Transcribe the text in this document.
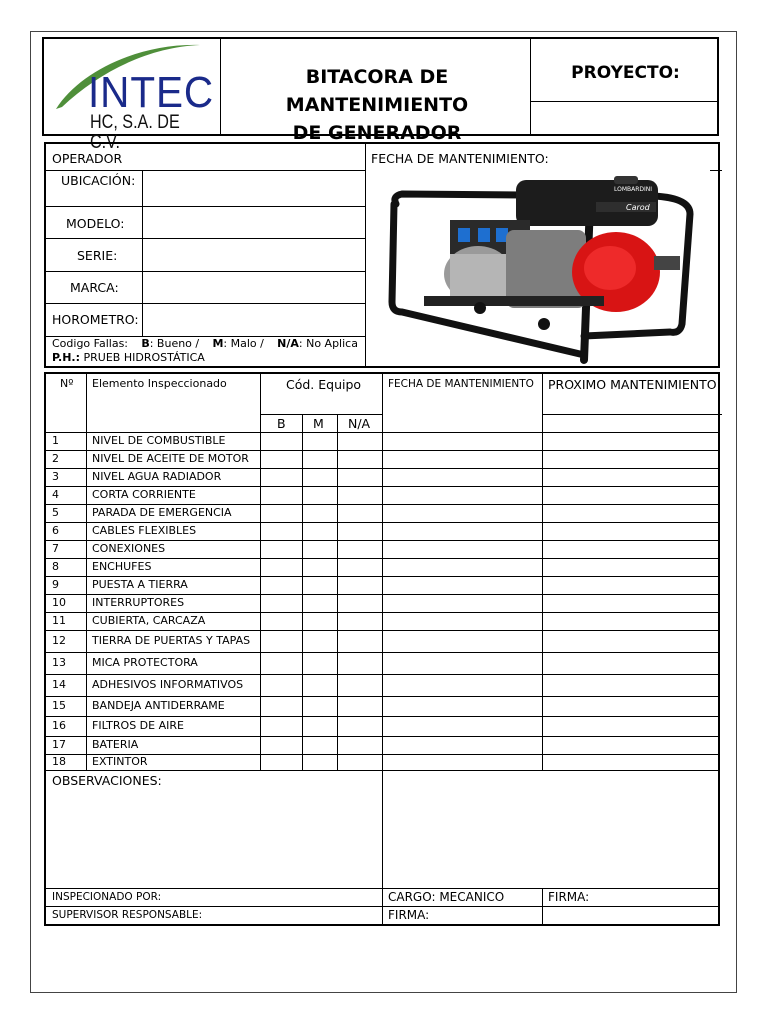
INTEC
HC, S.A. DE C.V.
BITACORA DE MANTENIMIENTO
DE GENERADOR
PROYECTO:
OPERADOR	FECHA DE MANTENIMIENTO:
UBICACIÓN:
MODELO:
SERIE:
MARCA:
HOROMETRO:
Codigo Fallas: B: Bueno / M: Malo / N/A: No Aplica
P.H.: PRUEB HIDROSTÁTICA
LOMBARDINI
Carod
Nº Elemento Inspeccionado	Cód. Equipo
B M N/A
FECHA DE MANTENIMIENTO PROXIMO MANTENIMIENTO
1	NIVEL DE COMBUSTIBLE
2	NIVEL DE ACEITE DE MOTOR
3	NIVEL AGUA RADIADOR
4	CORTA CORRIENTE
5	PARADA DE EMERGENCIA
6	CABLES FLEXIBLES
7	CONEXIONES
8	ENCHUFES
9	PUESTA A TIERRA
10 INTERRUPTORES
11 CUBIERTA, CARCAZA
12 TIERRA DE PUERTAS Y TAPAS
13 MICA PROTECTORA
14 ADHESIVOS INFORMATIVOS
15 BANDEJA ANTIDERRAME
16 FILTROS DE AIRE
17 BATERIA
18 EXTINTOR
OBSERVACIONES:
INSPECIONADO POR:	CARGO: MECANICO	FIRMA:
SUPERVISOR RESPONSABLE:	FIRMA:
